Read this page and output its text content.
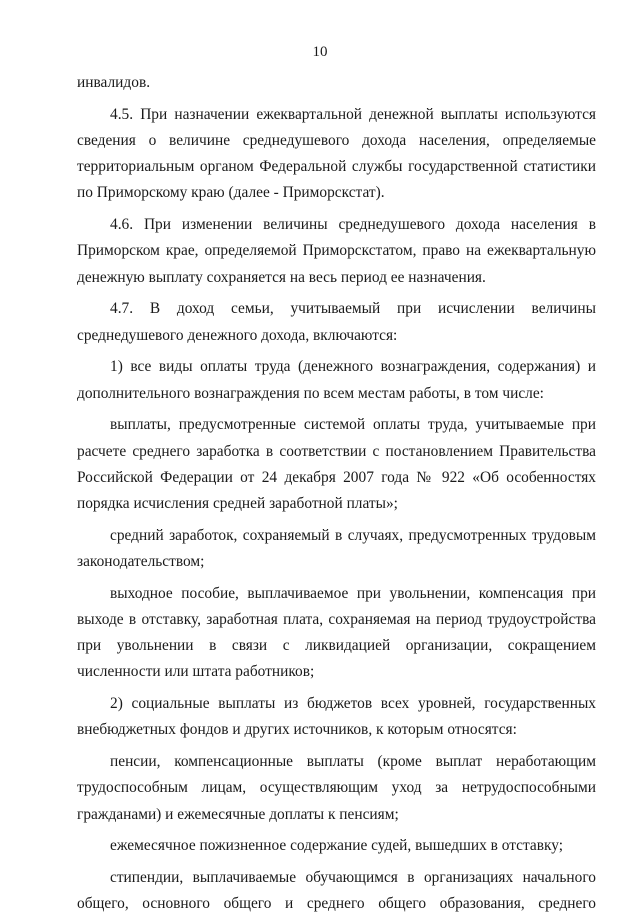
10

инвалидов.

4.5. При назначении ежеквартальной денежной выплаты используются сведения о величине среднедушевого дохода населения, определяемые территориальным органом Федеральной службы государственной статистики по Приморскому краю (далее - Приморскстат).

4.6. При изменении величины среднедушевого дохода населения в Приморском крае, определяемой Приморскстатом, право на ежеквартальную денежную выплату сохраняется на весь период ее назначения.

4.7. В доход семьи, учитываемый при исчислении величины среднедушевого денежного дохода, включаются:

1) все виды оплаты труда (денежного вознаграждения, содержания) и дополнительного вознаграждения по всем местам работы, в том числе:

выплаты, предусмотренные системой оплаты труда, учитываемые при расчете среднего заработка в соответствии с постановлением Правительства Российской Федерации от 24 декабря 2007 года № 922 «Об особенностях порядка исчисления средней заработной платы»;

средний заработок, сохраняемый в случаях, предусмотренных трудовым законодательством;

выходное пособие, выплачиваемое при увольнении, компенсация при выходе в отставку, заработная плата, сохраняемая на период трудоустройства при увольнении в связи с ликвидацией организации, сокращением численности или штата работников;

2) социальные выплаты из бюджетов всех уровней, государственных внебюджетных фондов и других источников, к которым относятся:

пенсии, компенсационные выплаты (кроме выплат неработающим трудоспособным лицам, осуществляющим уход за нетрудоспособными гражданами) и ежемесячные доплаты к пенсиям;

ежемесячное пожизненное содержание судей, вышедших в отставку;

стипендии, выплачиваемые обучающимся в организациях начального общего, основного общего и среднего общего образования, среднего
